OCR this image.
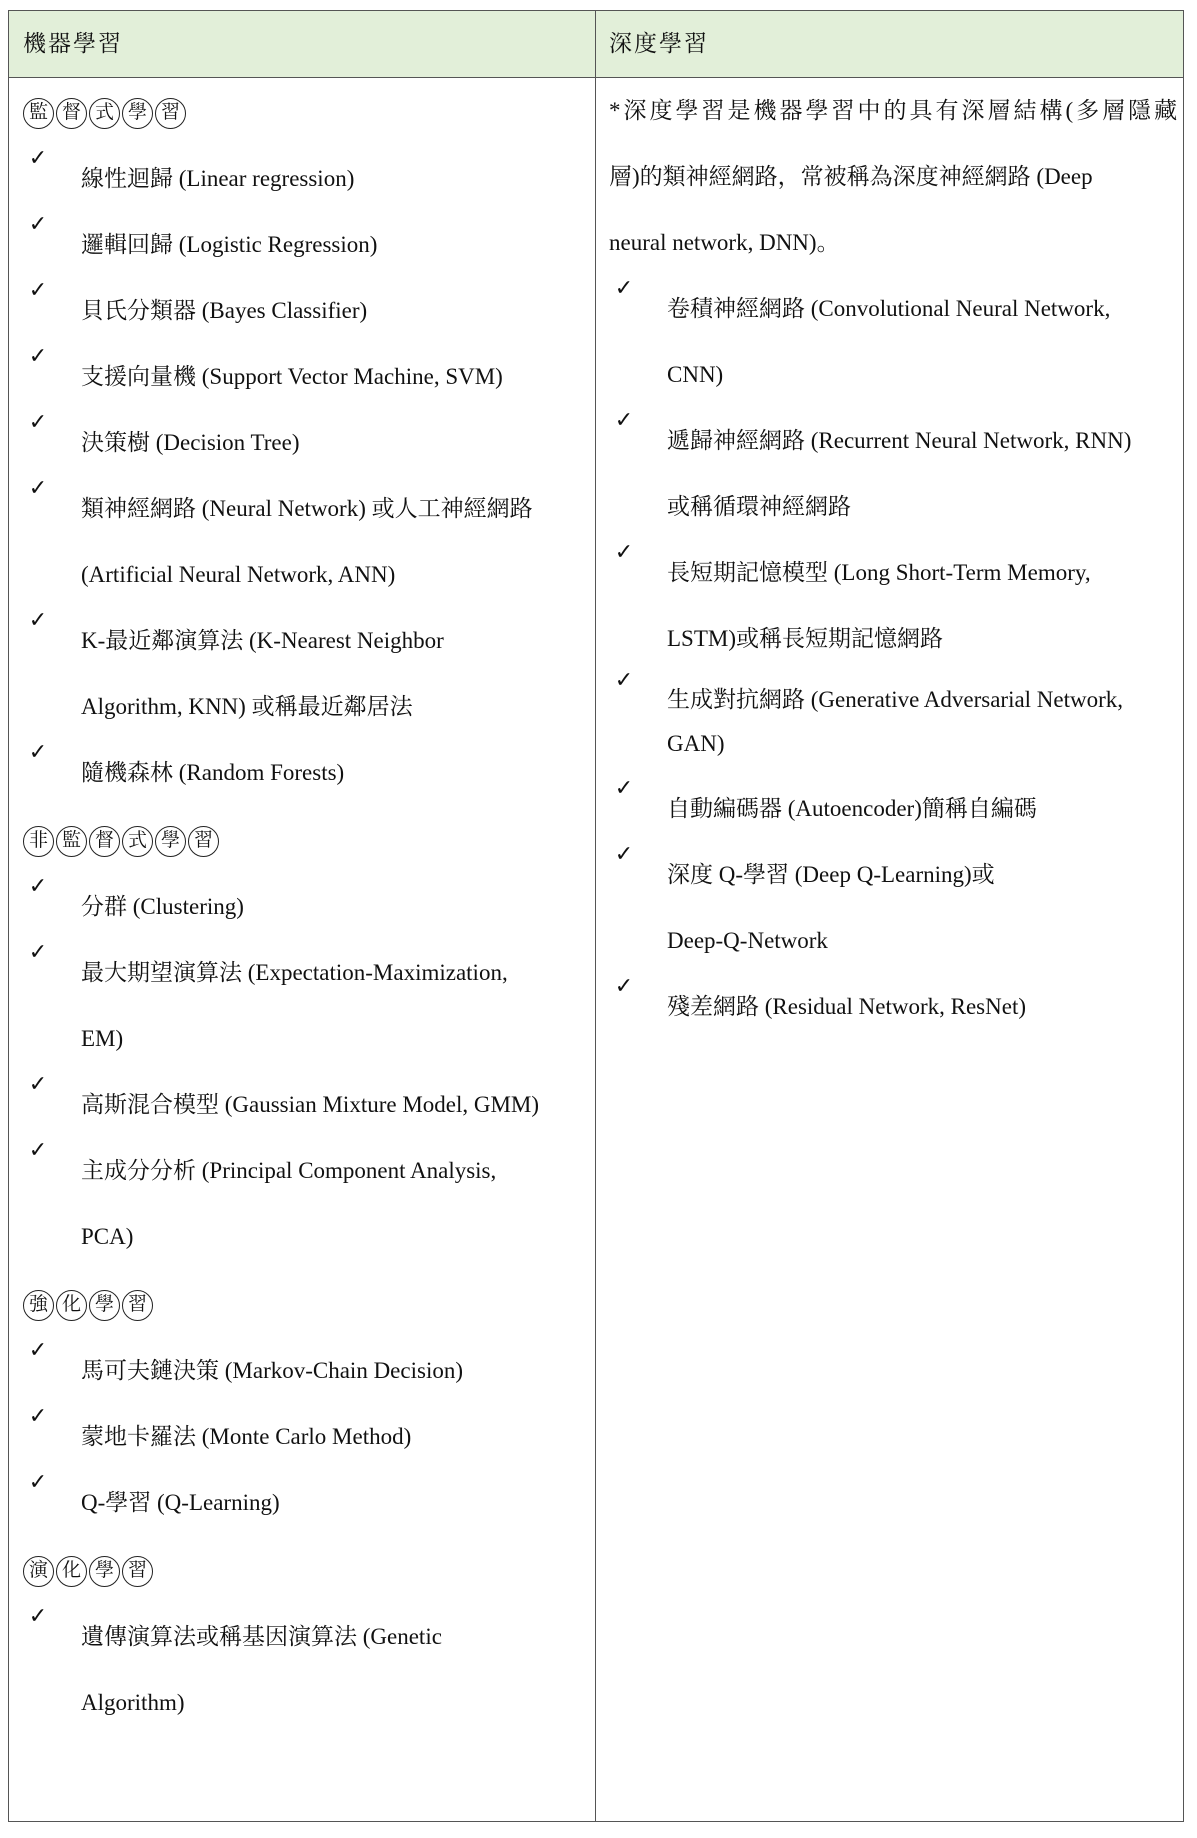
機器學習	深度學習
監 督 式 學 習
✓
線性迴歸 (Linear regression)
✓
邏輯回歸 (Logistic Regression)
✓
貝氏分類器 (Bayes Classifier)
✓
支援向量機 (Support Vector Machine, SVM)
✓
決策樹 (Decision Tree)
✓
類神經網路 (Neural Network) 或人工神經網路
(Artificial Neural Network, ANN)
✓
K-最近鄰演算法 (K-Nearest Neighbor
Algorithm, KNN) 或稱最近鄰居法
✓
隨機森林 (Random Forests)
非 監 督 式 學 習
✓
分群 (Clustering)
✓
最大期望演算法 (Expectation-Maximization,
EM)
✓
高斯混合模型 (Gaussian Mixture Model, GMM)
✓
主成分分析 (Principal Component Analysis,
PCA)
強 化 學 習
✓
馬可夫鏈決策 (Markov-Chain Decision)
✓
蒙地卡羅法 (Monte Carlo Method)
✓
Q-學習 (Q-Learning)
演 化 學 習
✓
遺傳演算法或稱基因演算法 (Genetic
Algorithm)
*深度學習是機器學習中的具有深層結構(多層隱藏
層)的類神經網路，常被稱為深度神經網路 (Deep
neural network, DNN)。
✓
卷積神經網路 (Convolutional Neural Network,
CNN)
✓
遞歸神經網路 (Recurrent Neural Network, RNN)
或稱循環神經網路
✓
長短期記憶模型 (Long Short-Term Memory,
LSTM)或稱長短期記憶網路
✓
生成對抗網路 (Generative Adversarial Network,
GAN)
✓
自動編碼器 (Autoencoder)簡稱自編碼
✓
深度 Q-學習 (Deep Q-Learning)或
Deep-Q-Network
✓
殘差網路 (Residual Network, ResNet)
